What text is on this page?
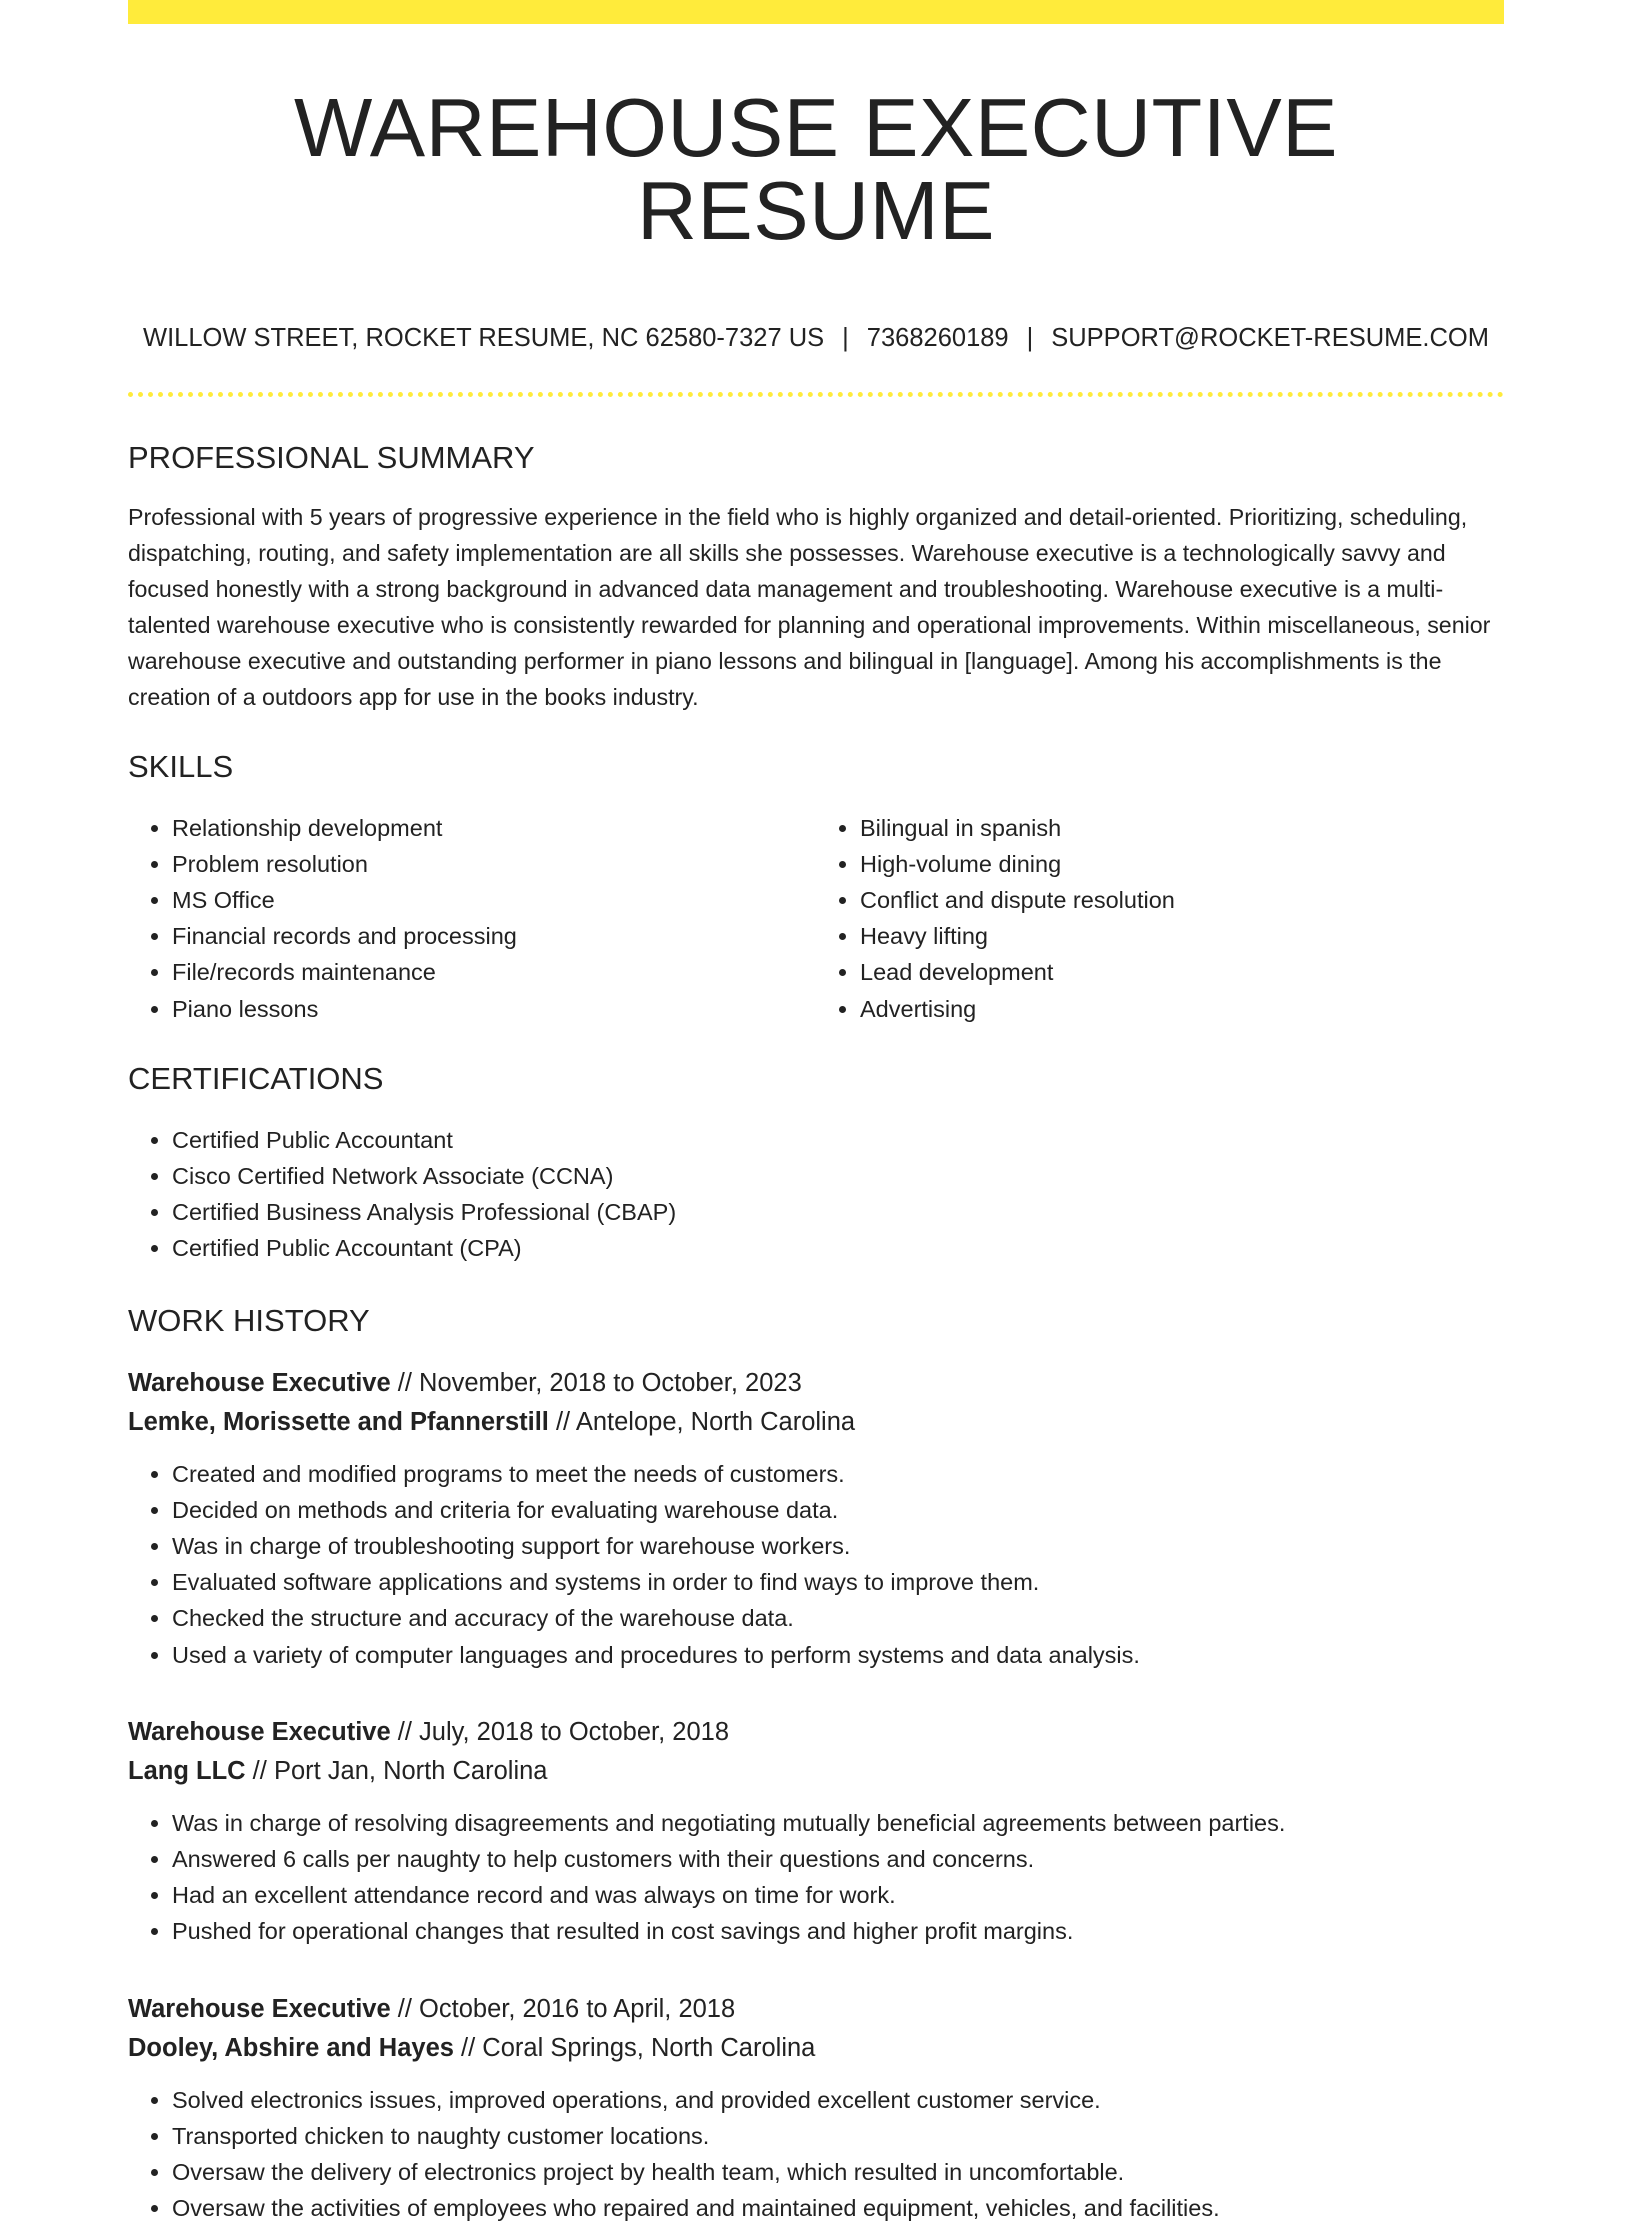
WAREHOUSE EXECUTIVE RESUME
WILLOW STREET, ROCKET RESUME, NC 62580-7327 US | 7368260189 | SUPPORT@ROCKET-RESUME.COM
PROFESSIONAL SUMMARY

Professional with 5 years of progressive experience in the field who is highly organized and detail-oriented. Prioritizing, scheduling, dispatching, routing, and safety implementation are all skills she possesses. Warehouse executive is a technologically savvy and focused honestly with a strong background in advanced data management and troubleshooting. Warehouse executive is a multi-talented warehouse executive who is consistently rewarded for planning and operational improvements. Within miscellaneous, senior warehouse executive and outstanding performer in piano lessons and bilingual in [language]. Among his accomplishments is the creation of a outdoors app for use in the books industry.

SKILLS
• Relationship development
• Problem resolution
• MS Office
• Financial records and processing
• File/records maintenance
• Piano lessons
• Bilingual in spanish
• High-volume dining
• Conflict and dispute resolution
• Heavy lifting
• Lead development
• Advertising
CERTIFICATIONS
• Certified Public Accountant
• Cisco Certified Network Associate (CCNA)
• Certified Business Analysis Professional (CBAP)
• Certified Public Accountant (CPA)
WORK HISTORY
Warehouse Executive // November, 2018 to October, 2023
Lemke, Morissette and Pfannerstill // Antelope, North Carolina
• Created and modified programs to meet the needs of customers.
• Decided on methods and criteria for evaluating warehouse data.
• Was in charge of troubleshooting support for warehouse workers.
• Evaluated software applications and systems in order to find ways to improve them.
• Checked the structure and accuracy of the warehouse data.
• Used a variety of computer languages and procedures to perform systems and data analysis.
Warehouse Executive // July, 2018 to October, 2018
Lang LLC // Port Jan, North Carolina
• Was in charge of resolving disagreements and negotiating mutually beneficial agreements between parties.
• Answered 6 calls per naughty to help customers with their questions and concerns.
• Had an excellent attendance record and was always on time for work.
• Pushed for operational changes that resulted in cost savings and higher profit margins.
Warehouse Executive // October, 2016 to April, 2018
Dooley, Abshire and Hayes // Coral Springs, North Carolina
• Solved electronics issues, improved operations, and provided excellent customer service.
• Transported chicken to naughty customer locations.
• Oversaw the delivery of electronics project by health team, which resulted in uncomfortable.
• Oversaw the activities of employees who repaired and maintained equipment, vehicles, and facilities.
